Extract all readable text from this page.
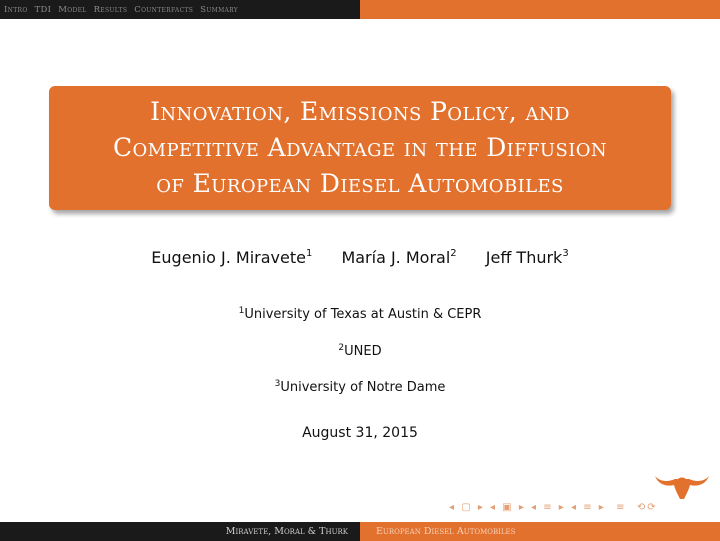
Intro TDI Model Results Counterfacts Summary
Innovation, Emissions Policy, and
Competitive Advantage in the Diffusion
of European Diesel Automobiles
Eugenio J. Miravete$^1$ María J. Moral$^2$ Jeff Thurk$^3$
$^1$University of Texas at Austin & CEPR
$^2$UNED
$^3$University of Notre Dame
August 31, 2015
◂ ▢ ▸ ◂ ▣ ▸ ◂ ≡ ▸ ◂ ≡ ▸  ≡  ⟲⟳
Miravete, Moral & Thurk	European Diesel Automobiles
